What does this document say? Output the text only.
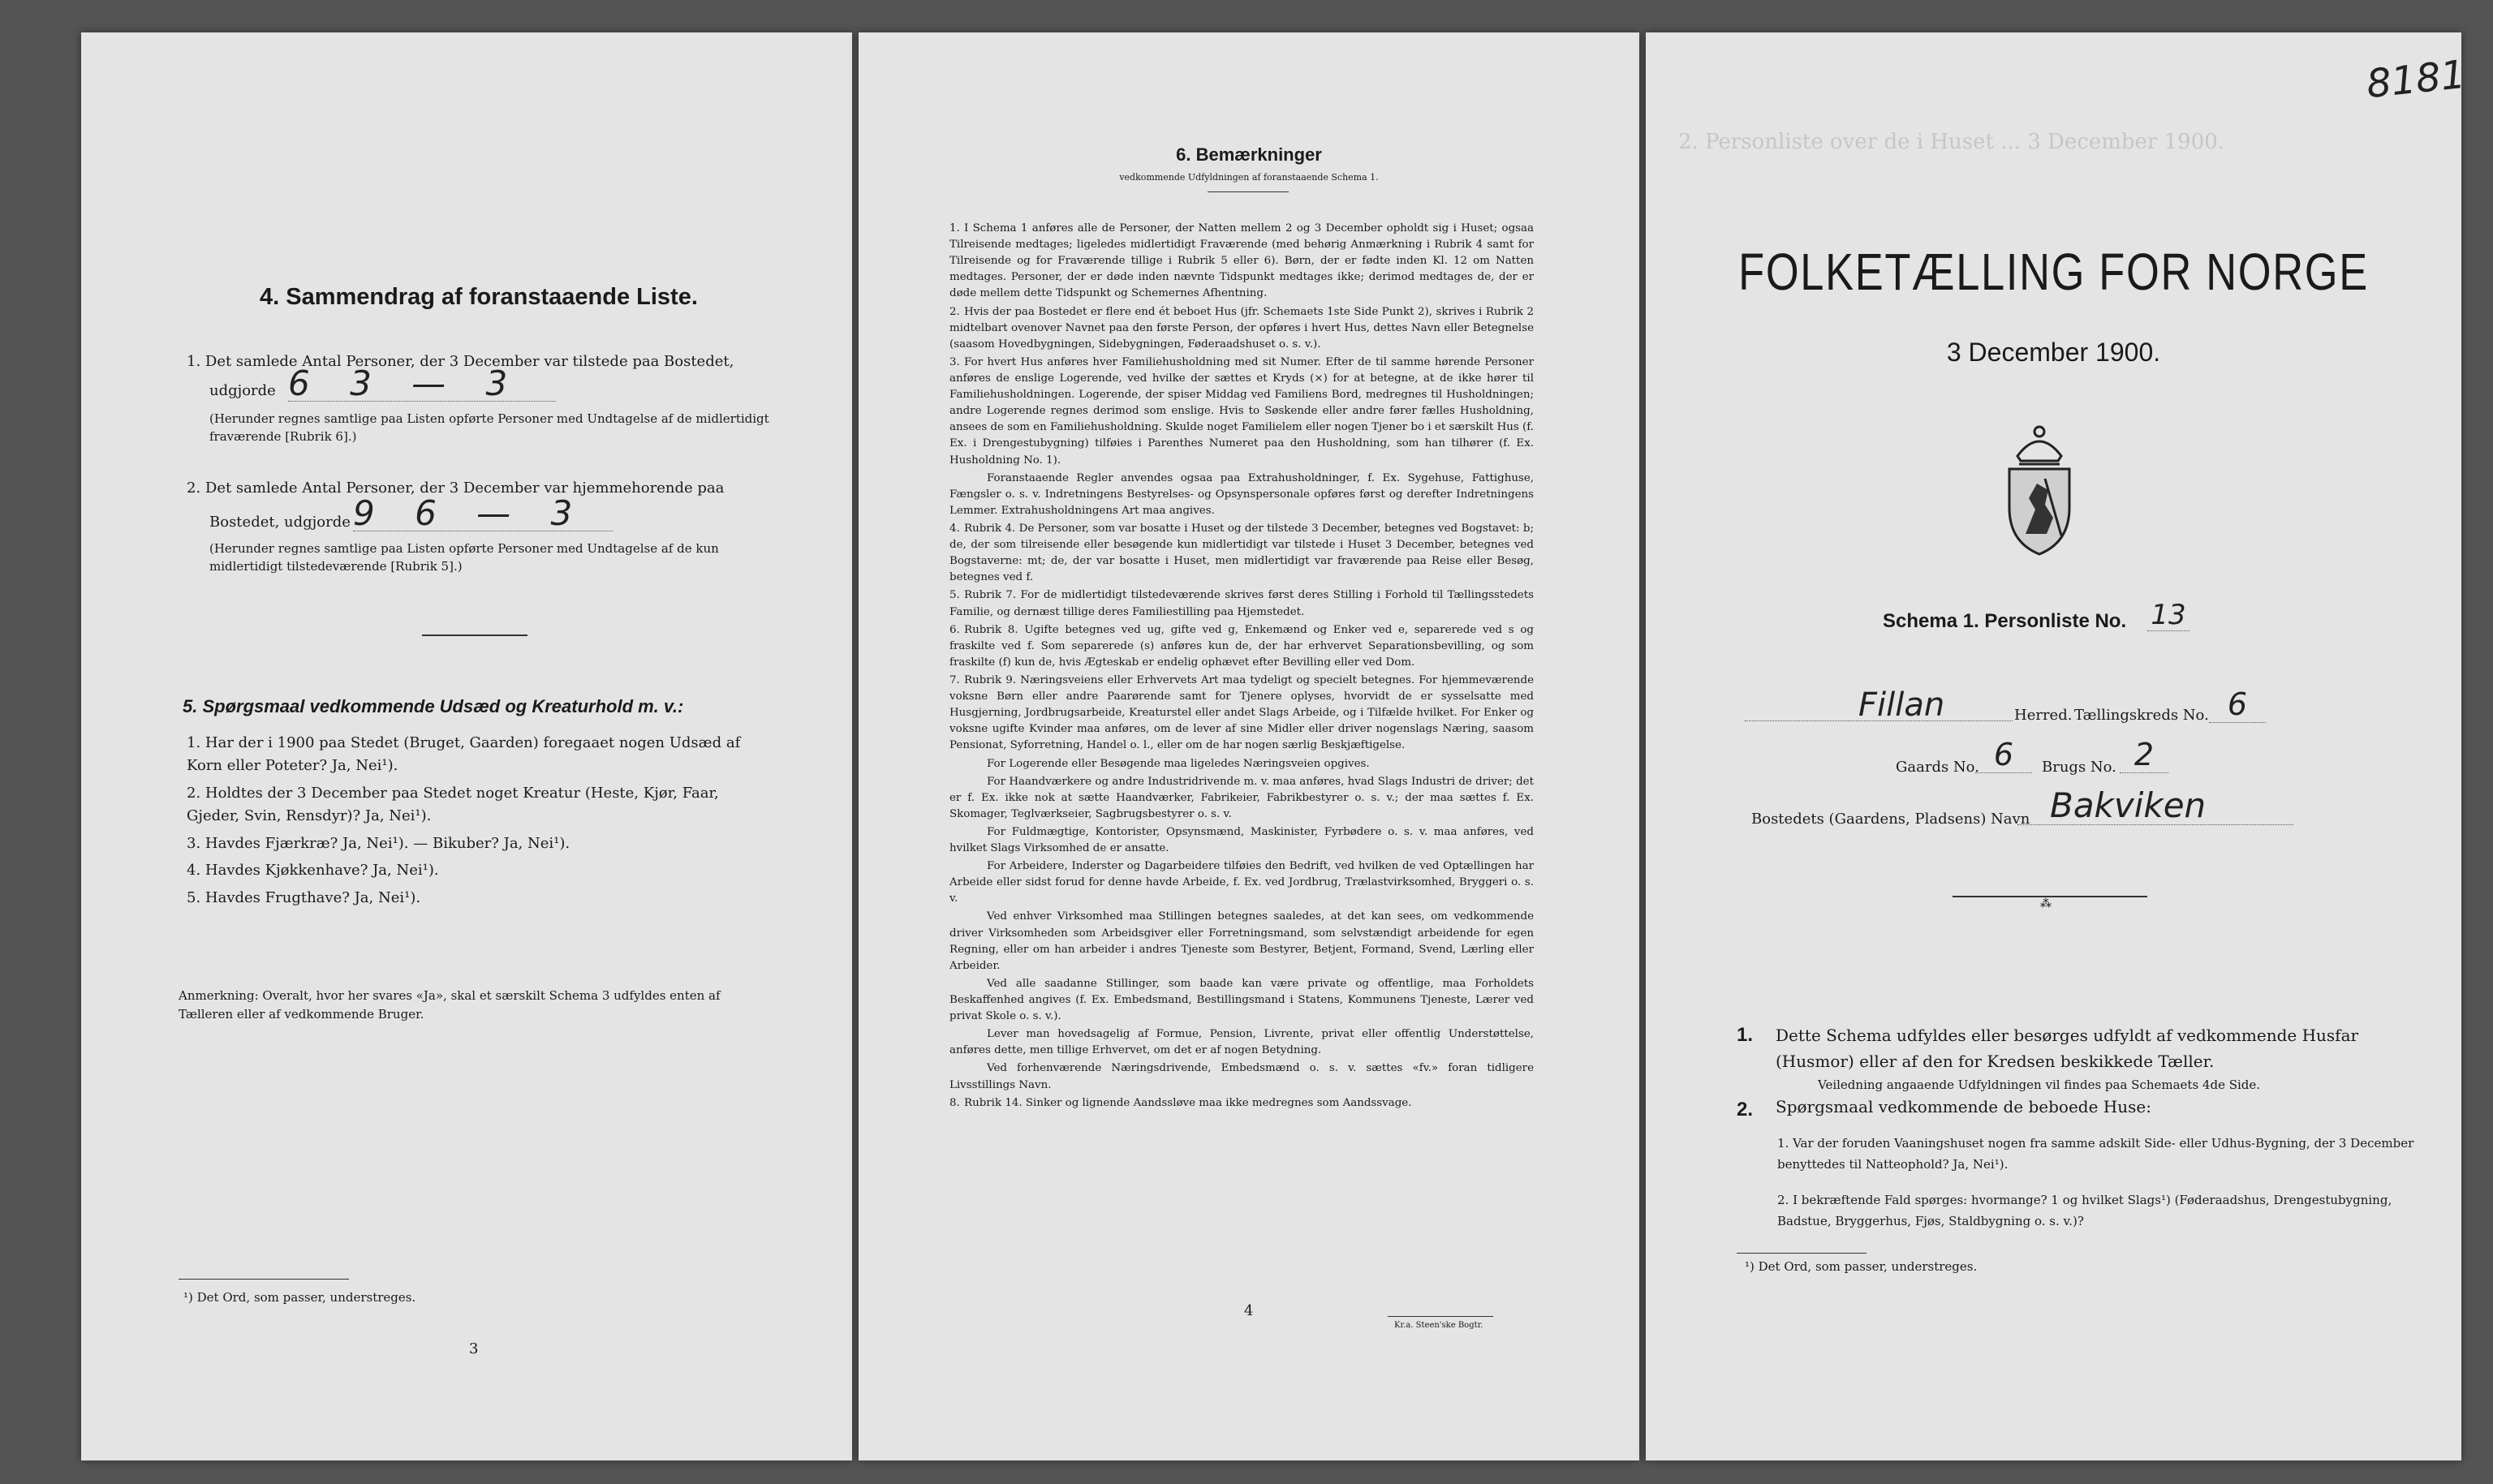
4. Sammendrag af foranstaaende Liste.
1. Det samlede Antal Personer, der 3 December var tilstede paa Bostedet,
udgjorde 6 3 — 3
(Herunder regnes samtlige paa Listen opførte Personer med Undtagelse af de midlertidigt fraværende [Rubrik 6].)
2. Det samlede Antal Personer, der 3 December var hjemmehorende paa
Bostedet, udgjorde 9 6 — 3
(Herunder regnes samtlige paa Listen opførte Personer med Undtagelse af de kun midlertidigt tilstedeværende [Rubrik 5].)
5. Spørgsmaal vedkommende Udsæd og Kreaturhold m. v.:

1. Har der i 1900 paa Stedet (Bruget, Gaarden) foregaaet nogen Udsæd af Korn eller Poteter? Ja, Nei¹).

2. Holdtes der 3 December paa Stedet noget Kreatur (Heste, Kjør, Faar, Gjeder, Svin, Rensdyr)? Ja, Nei¹).

3. Havdes Fjærkræ? Ja, Nei¹). — Bikuber? Ja, Nei¹).

4. Havdes Kjøkkenhave? Ja, Nei¹).

5. Havdes Frugthave? Ja, Nei¹).

Anmerkning: Overalt, hvor her svares «Ja», skal et særskilt Schema 3 udfyldes enten af Tælleren eller af vedkommende Bruger.
¹) Det Ord, som passer, understreges.
3
6. Bemærkninger
vedkommende Udfyldningen af foranstaaende Schema 1.

1. I Schema 1 anføres alle de Personer, der Natten mellem 2 og 3 December opholdt sig i Huset; ogsaa Tilreisende medtages; ligeledes midlertidigt Fraværende (med behørig Anmærkning i Rubrik 4 samt for Tilreisende og for Fraværende tillige i Rubrik 5 eller 6). Børn, der er fødte inden Kl. 12 om Natten medtages. Personer, der er døde inden nævnte Tidspunkt medtages ikke; derimod medtages de, der er døde mellem dette Tidspunkt og Schemernes Afhentning.

2. Hvis der paa Bostedet er flere end ét beboet Hus (jfr. Schemaets 1ste Side Punkt 2), skrives i Rubrik 2 midtelbart ovenover Navnet paa den første Person, der opføres i hvert Hus, dettes Navn eller Betegnelse (saasom Hovedbygningen, Sidebygningen, Føderaadshuset o. s. v.).

3. For hvert Hus anføres hver Familiehusholdning med sit Numer. Efter de til samme hørende Personer anføres de enslige Logerende, ved hvilke der sættes et Kryds (×) for at betegne, at de ikke hører til Familiehusholdningen. Logerende, der spiser Middag ved Familiens Bord, medregnes til Husholdningen; andre Logerende regnes derimod som enslige. Hvis to Søskende eller andre fører fælles Husholdning, ansees de som en Familiehusholdning. Skulde noget Familielem eller nogen Tjener bo i et særskilt Hus (f. Ex. i Drengestubygning) tilføies i Parenthes Numeret paa den Husholdning, som han tilhører (f. Ex. Husholdning No. 1).

Foranstaaende Regler anvendes ogsaa paa Extrahusholdninger, f. Ex. Sygehuse, Fattighuse, Fængsler o. s. v. Indretningens Bestyrelses- og Opsynspersonale opføres først og derefter Indretningens Lemmer. Extrahusholdningens Art maa angives.

4. Rubrik 4. De Personer, som var bosatte i Huset og der tilstede 3 December, betegnes ved Bogstavet: b; de, der som tilreisende eller besøgende kun midlertidigt var tilstede i Huset 3 December, betegnes ved Bogstaverne: mt; de, der var bosatte i Huset, men midlertidigt var fraværende paa Reise eller Besøg, betegnes ved f.

5. Rubrik 7. For de midlertidigt tilstedeværende skrives først deres Stilling i Forhold til Tællingsstedets Familie, og dernæst tillige deres Familiestilling paa Hjemstedet.

6. Rubrik 8. Ugifte betegnes ved ug, gifte ved g, Enkemænd og Enker ved e, separerede ved s og fraskilte ved f. Som separerede (s) anføres kun de, der har erhvervet Separationsbevilling, og som fraskilte (f) kun de, hvis Ægteskab er endelig ophævet efter Bevilling eller ved Dom.

7. Rubrik 9. Næringsveiens eller Erhvervets Art maa tydeligt og specielt betegnes. For hjemmeværende voksne Børn eller andre Paarørende samt for Tjenere oplyses, hvorvidt de er sysselsatte med Husgjerning, Jordbrugsarbeide, Kreaturstel eller andet Slags Arbeide, og i Tilfælde hvilket. For Enker og voksne ugifte Kvinder maa anføres, om de lever af sine Midler eller driver nogenslags Næring, saasom Pensionat, Syforretning, Handel o. l., eller om de har nogen særlig Beskjæftigelse.

For Logerende eller Besøgende maa ligeledes Næringsveien opgives.

For Haandværkere og andre Industridrivende m. v. maa anføres, hvad Slags Industri de driver; det er f. Ex. ikke nok at sætte Haandværker, Fabrikeier, Fabrikbestyrer o. s. v.; der maa sættes f. Ex. Skomager, Teglværkseier, Sagbrugsbestyrer o. s. v.

For Fuldmægtige, Kontorister, Opsynsmænd, Maskinister, Fyrbødere o. s. v. maa anføres, ved hvilket Slags Virksomhed de er ansatte.

For Arbeidere, Inderster og Dagarbeidere tilføies den Bedrift, ved hvilken de ved Optællingen har Arbeide eller sidst forud for denne havde Arbeide, f. Ex. ved Jordbrug, Trælastvirksomhed, Bryggeri o. s. v.

Ved enhver Virksomhed maa Stillingen betegnes saaledes, at det kan sees, om vedkommende driver Virksomheden som Arbeidsgiver eller Forretningsmand, som selvstændigt arbeidende for egen Regning, eller om han arbeider i andres Tjeneste som Bestyrer, Betjent, Formand, Svend, Lærling eller Arbeider.

Ved alle saadanne Stillinger, som baade kan være private og offentlige, maa Forholdets Beskaffenhed angives (f. Ex. Embedsmand, Bestillingsmand i Statens, Kommunens Tjeneste, Lærer ved privat Skole o. s. v.).

Lever man hovedsagelig af Formue, Pension, Livrente, privat eller offentlig Understøttelse, anføres dette, men tillige Erhvervet, om det er af nogen Betydning.

Ved forhenværende Næringsdrivende, Embedsmænd o. s. v. sættes «fv.» foran tidligere Livsstillings Navn.

8. Rubrik 14. Sinker og lignende Aandssløve maa ikke medregnes som Aandssvage.

4
Kr.a. Steen'ske Bogtr.
8181
2. Personliste over de i Huset ... 3 December 1900.
FOLKETÆLLING FOR NORGE
3 December 1900.
Schema 1. Personliste No. 13
Fillan	Herred. Tællingskreds No. 6
Gaards No. 6	Brugs No. 2
Bostedets (Gaardens, Pladsens) Navn Bakviken
⁂
1. Dette Schema udfyldes eller besørges udfyldt af vedkommende Husfar (Husmor) eller af den for Kredsen beskikkede Tæller.
Veiledning angaaende Udfyldningen vil findes paa Schemaets 4de Side.
2. Spørgsmaal vedkommende de beboede Huse:
1. Var der foruden Vaaningshuset nogen fra samme adskilt Side- eller Udhus-Bygning, der 3 December benyttedes til Natteophold? Ja, Nei¹).
2. I bekræftende Fald spørges: hvormange? 1 og hvilket Slags¹) (Føderaadshus, Drengestubygning, Badstue, Bryggerhus, Fjøs, Staldbygning o. s. v.)?
¹) Det Ord, som passer, understreges.
